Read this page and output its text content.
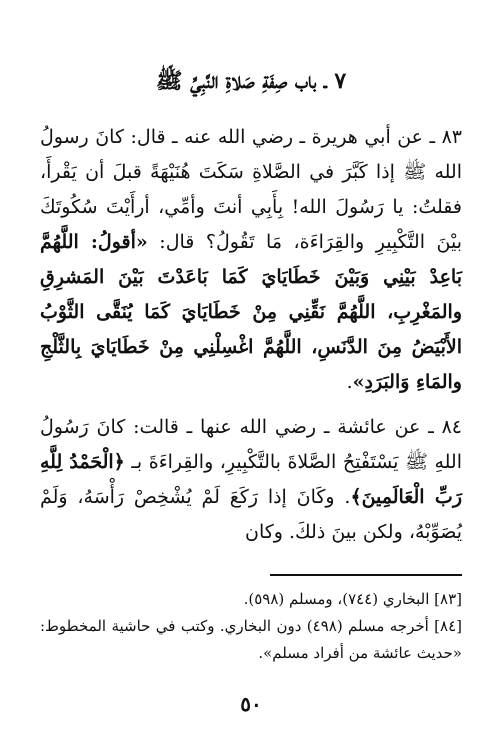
٧ ـ باب صِفَةِ صَلاةِ النَّبِيِّ ﷺ
٨٣ ـ عن أبي هريرة ـ رضي الله عنه ـ قال: كانَ رسولُ الله ﷺ إذا كَبَّرَ في الصَّلاةِ سَكَتَ هُنَيْهَةً قبلَ أن يَقْرأَ، فقلتُ: يا رَسُولَ الله! بِأَبِي أنتَ وأمِّي، أرأَيْتَ سُكُوتَكَ بيْنَ التَّكْبِيرِ والقِرَاءَة، مَا تَقُولُ؟ قال: «أقولُ: اللَّهُمَّ بَاعِدْ بَيْنِي وَبَيْنَ خَطَايَايَ كَمَا بَاعَدْتَ بَيْنَ المَشرِقِ والمَغْرِبِ، اللَّهُمَّ نَقِّنِي مِنْ خَطَايَايَ كَمَا يُنَقَّى الثَّوْبُ الأَبْيَضُ مِنَ الدَّنَسِ، اللَّهُمَّ اغْسِلْنِي مِنْ خَطَايَايَ بِالثَّلْجِ والمَاءِ وَالبَرَدِ».
٨٤ ـ عن عائشة ـ رضي الله عنها ـ قالت: كانَ رَسُولُ اللهِ ﷺ يَسْتَفْتِحُ الصَّلاةَ بالتَّكْبِيرِ، والقِراءَةَ بـ ﴿الْحَمْدُ لِلَّهِ رَبِّ الْعَالَمِينَ﴾. وكَانَ إذا رَكَعَ لَمْ يُشْخِصْ رَأْسَهُ، وَلَمْ يُصَوِّبْهُ، ولكن بينَ ذلكَ. وكان

[٨٣] البخاري (٧٤٤)، ومسلم (٥٩٨).

[٨٤] أخرجه مسلم (٤٩٨) دون البخاري. وكتب في حاشية المخطوط: «حديث عائشة من أفراد مسلم».

٥٠
